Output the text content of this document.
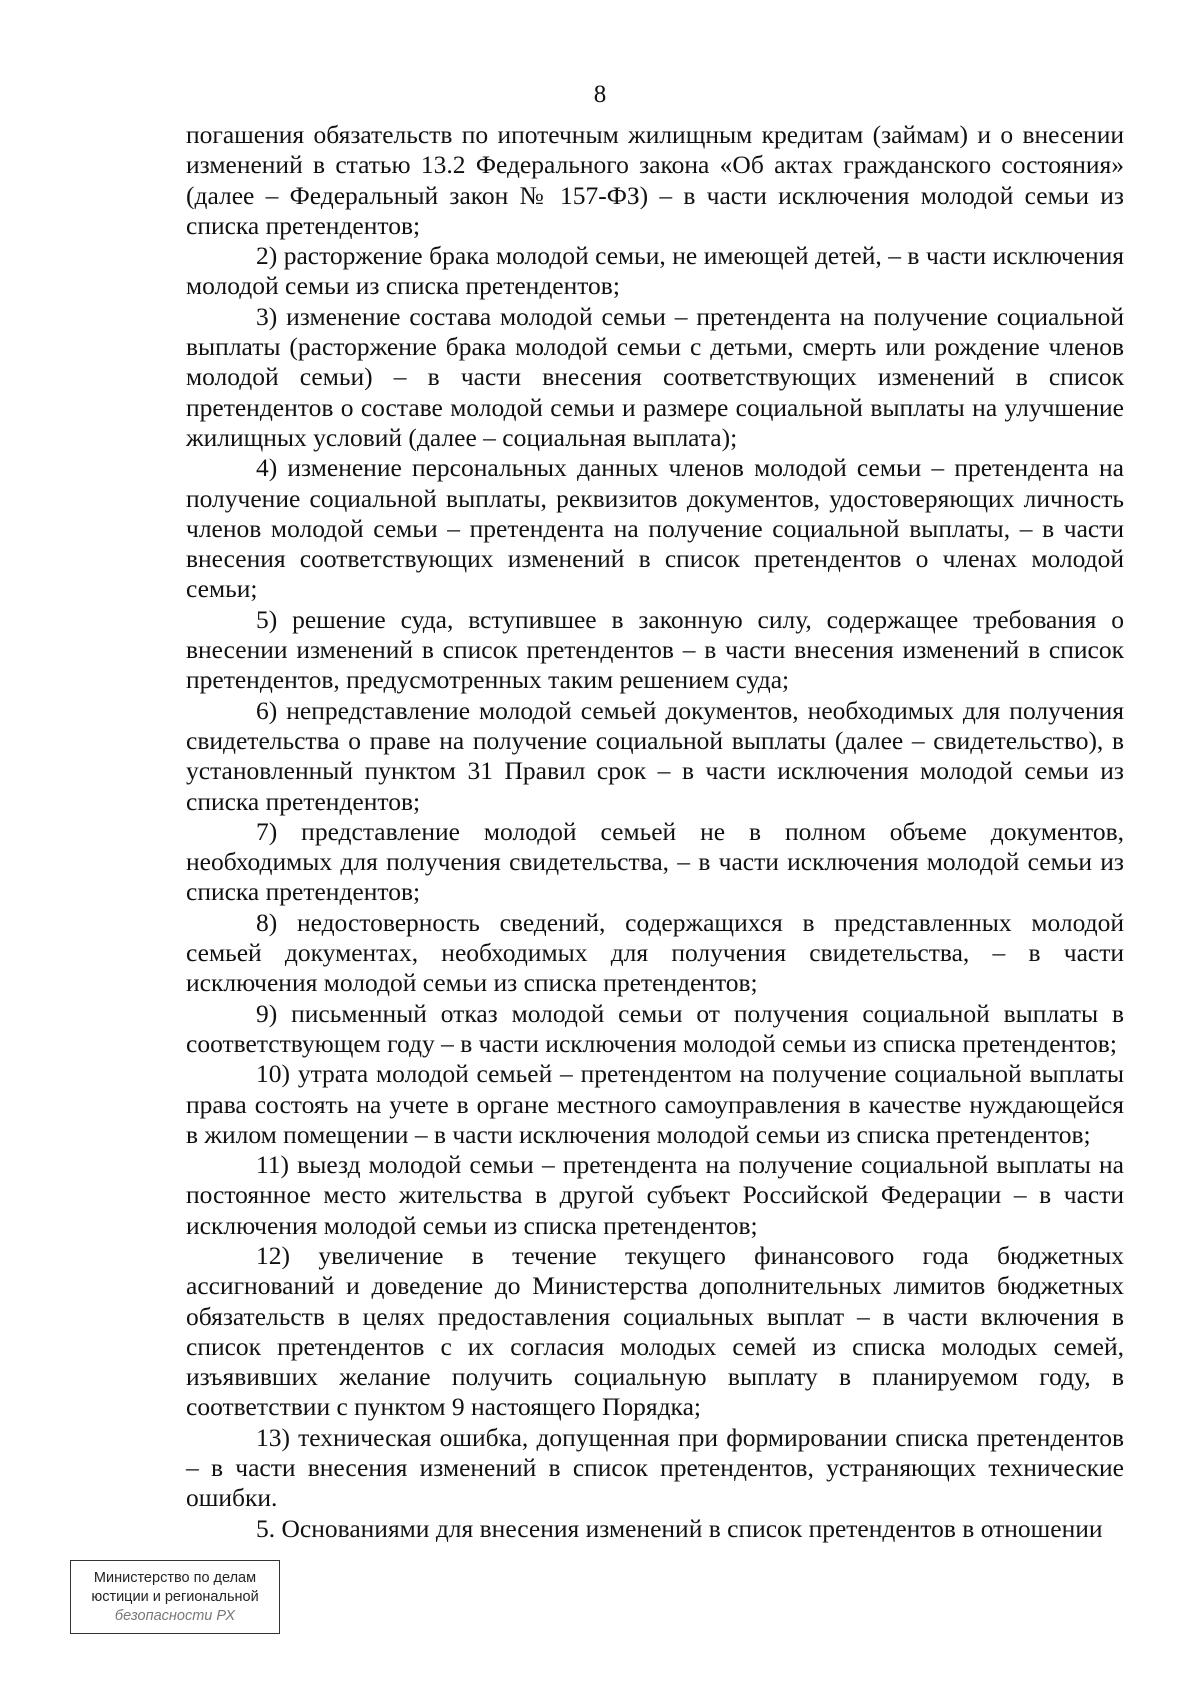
8

погашения обязательств по ипотечным жилищным кредитам (займам) и о внесении изменений в статью 13.2 Федерального закона «Об актах гражданского состояния» (далее – Федеральный закон № 157-ФЗ) – в части исключения молодой семьи из списка претендентов;

2) расторжение брака молодой семьи, не имеющей детей, – в части исключения молодой семьи из списка претендентов;

3) изменение состава молодой семьи – претендента на получение социальной выплаты (расторжение брака молодой семьи с детьми, смерть или рождение членов молодой семьи) – в части внесения соответствующих изменений в список претендентов о составе молодой семьи и размере социальной выплаты на улучшение жилищных условий (далее – социальная выплата);

4) изменение персональных данных членов молодой семьи – претендента на получение социальной выплаты, реквизитов документов, удостоверяющих личность членов молодой семьи – претендента на получение социальной выплаты, – в части внесения соответствующих изменений в список претендентов о членах молодой семьи;

5) решение суда, вступившее в законную силу, содержащее требования о внесении изменений в список претендентов – в части внесения изменений в список претендентов, предусмотренных таким решением суда;

6) непредставление молодой семьей документов, необходимых для получения свидетельства о праве на получение социальной выплаты (далее – свидетельство), в установленный пунктом 31 Правил срок – в части исключения молодой семьи из списка претендентов;

7) представление молодой семьей не в полном объеме документов, необходимых для получения свидетельства, – в части исключения молодой семьи из списка претендентов;

8) недостоверность сведений, содержащихся в представленных молодой семьей документах, необходимых для получения свидетельства, – в части исключения молодой семьи из списка претендентов;

9) письменный отказ молодой семьи от получения социальной выплаты в соответствующем году – в части исключения молодой семьи из списка претендентов;

10) утрата молодой семьей – претендентом на получение социальной выплаты права состоять на учете в органе местного самоуправления в качестве нуждающейся в жилом помещении – в части исключения молодой семьи из списка претендентов;

11) выезд молодой семьи – претендента на получение социальной выплаты на постоянное место жительства в другой субъект Российской Федерации – в части исключения молодой семьи из списка претендентов;

12) увеличение в течение текущего финансового года бюджетных ассигнований и доведение до Министерства дополнительных лимитов бюджетных обязательств в целях предоставления социальных выплат – в части включения в список претендентов с их согласия молодых семей из списка молодых семей, изъявивших желание получить социальную выплату в планируемом году, в соответствии с пунктом 9 настоящего Порядка;

13) техническая ошибка, допущенная при формировании списка претендентов – в части внесения изменений в список претендентов, устраняющих технические ошибки.

5. Основаниями для внесения изменений в список претендентов в отношении

Министерство по делам
юстиции и региональной
безопасности РХ
